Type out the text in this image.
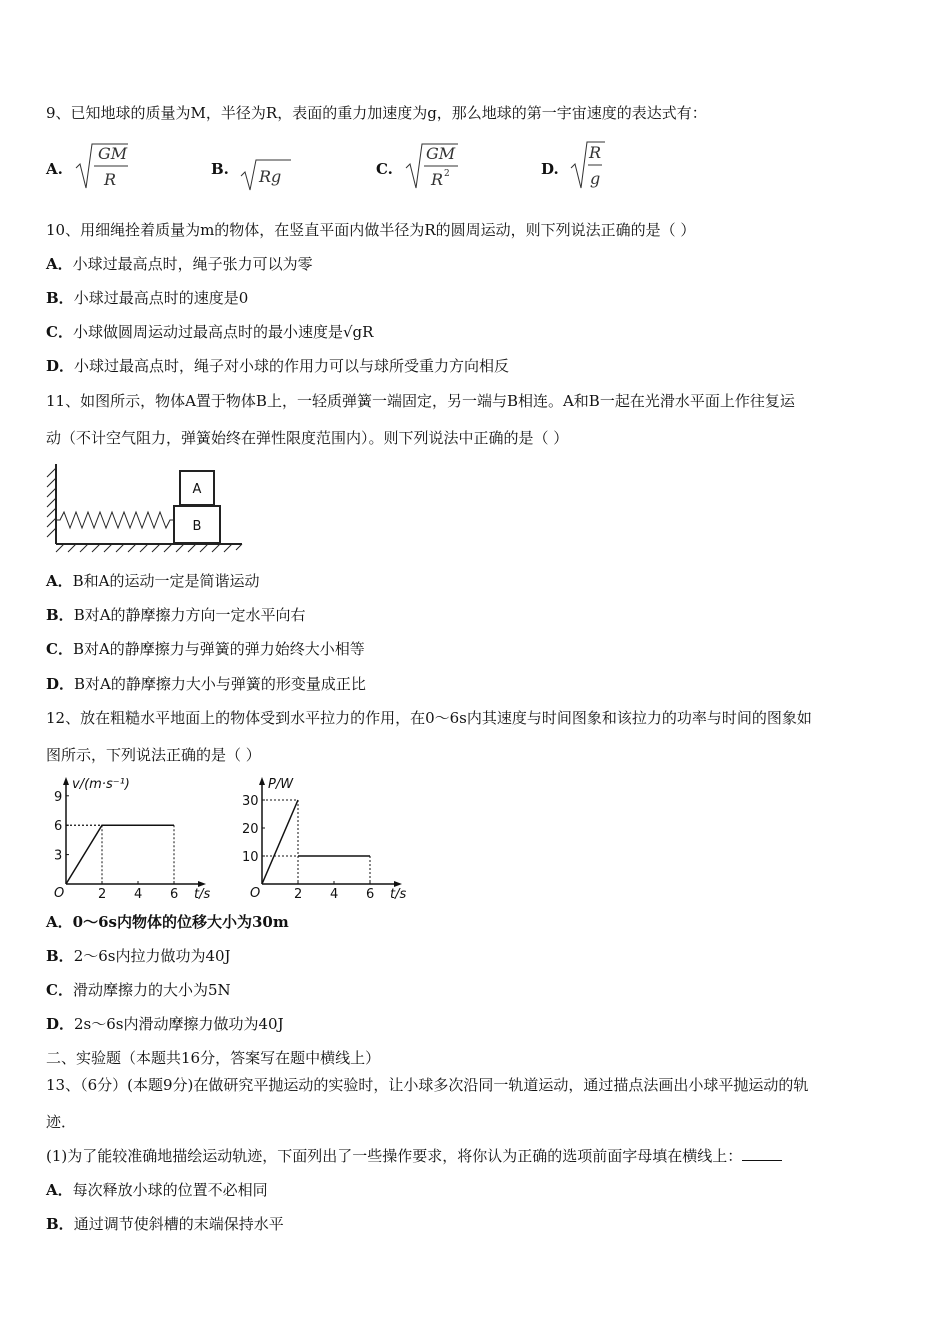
9、已知地球的质量为M，半径为R，表面的重力加速度为g，那么地球的第一宇宙速度的表达式有：
A.
GM
R
B. Rg	C.
GM
R 2	D.
R
g
10、用细绳拴着质量为m的物体，在竖直平面内做半径为R的圆周运动，则下列说法正确的是（ ）
A．小球过最高点时，绳子张力可以为零
B．小球过最高点时的速度是0
C．小球做圆周运动过最高点时的最小速度是√gR
D．小球过最高点时，绳子对小球的作用力可以与球所受重力方向相反
11、如图所示，物体A置于物体B上，一轻质弹簧一端固定，另一端与B相连。A和B一起在光滑水平面上作往复运
动（不计空气阻力，弹簧始终在弹性限度范围内）。则下列说法中正确的是（ ）
B
A
A．B和A的运动一定是简谐运动
B．B对A的静摩擦力方向一定水平向右
C．B对A的静摩擦力与弹簧的弹力始终大小相等
D．B对A的静摩擦力大小与弹簧的形变量成正比
12、放在粗糙水平地面上的物体受到水平拉力的作用，在0～6s内其速度与时间图象和该拉力的功率与时间的图象如
图所示，下列说法正确的是（ ）
v/(m·s⁻¹)
t/s
O	2 4 6
3
6
9
P/W
t/s
O	2 4 6
10
20
30
A．0～6s内物体的位移大小为30m
B．2～6s内拉力做功为40J
C．滑动摩擦力的大小为5N
D．2s～6s内滑动摩擦力做功为40J
二、实验题（本题共16分，答案写在题中横线上）
13、（6分）(本题9分)在做研究平抛运动的实验时，让小球多次沿同一轨道运动，通过描点法画出小球平抛运动的轨
迹．
(1)为了能较准确地描绘运动轨迹，下面列出了一些操作要求，将你认为正确的选项前面字母填在横线上：
A．每次释放小球的位置不必相同
B．通过调节使斜槽的末端保持水平
